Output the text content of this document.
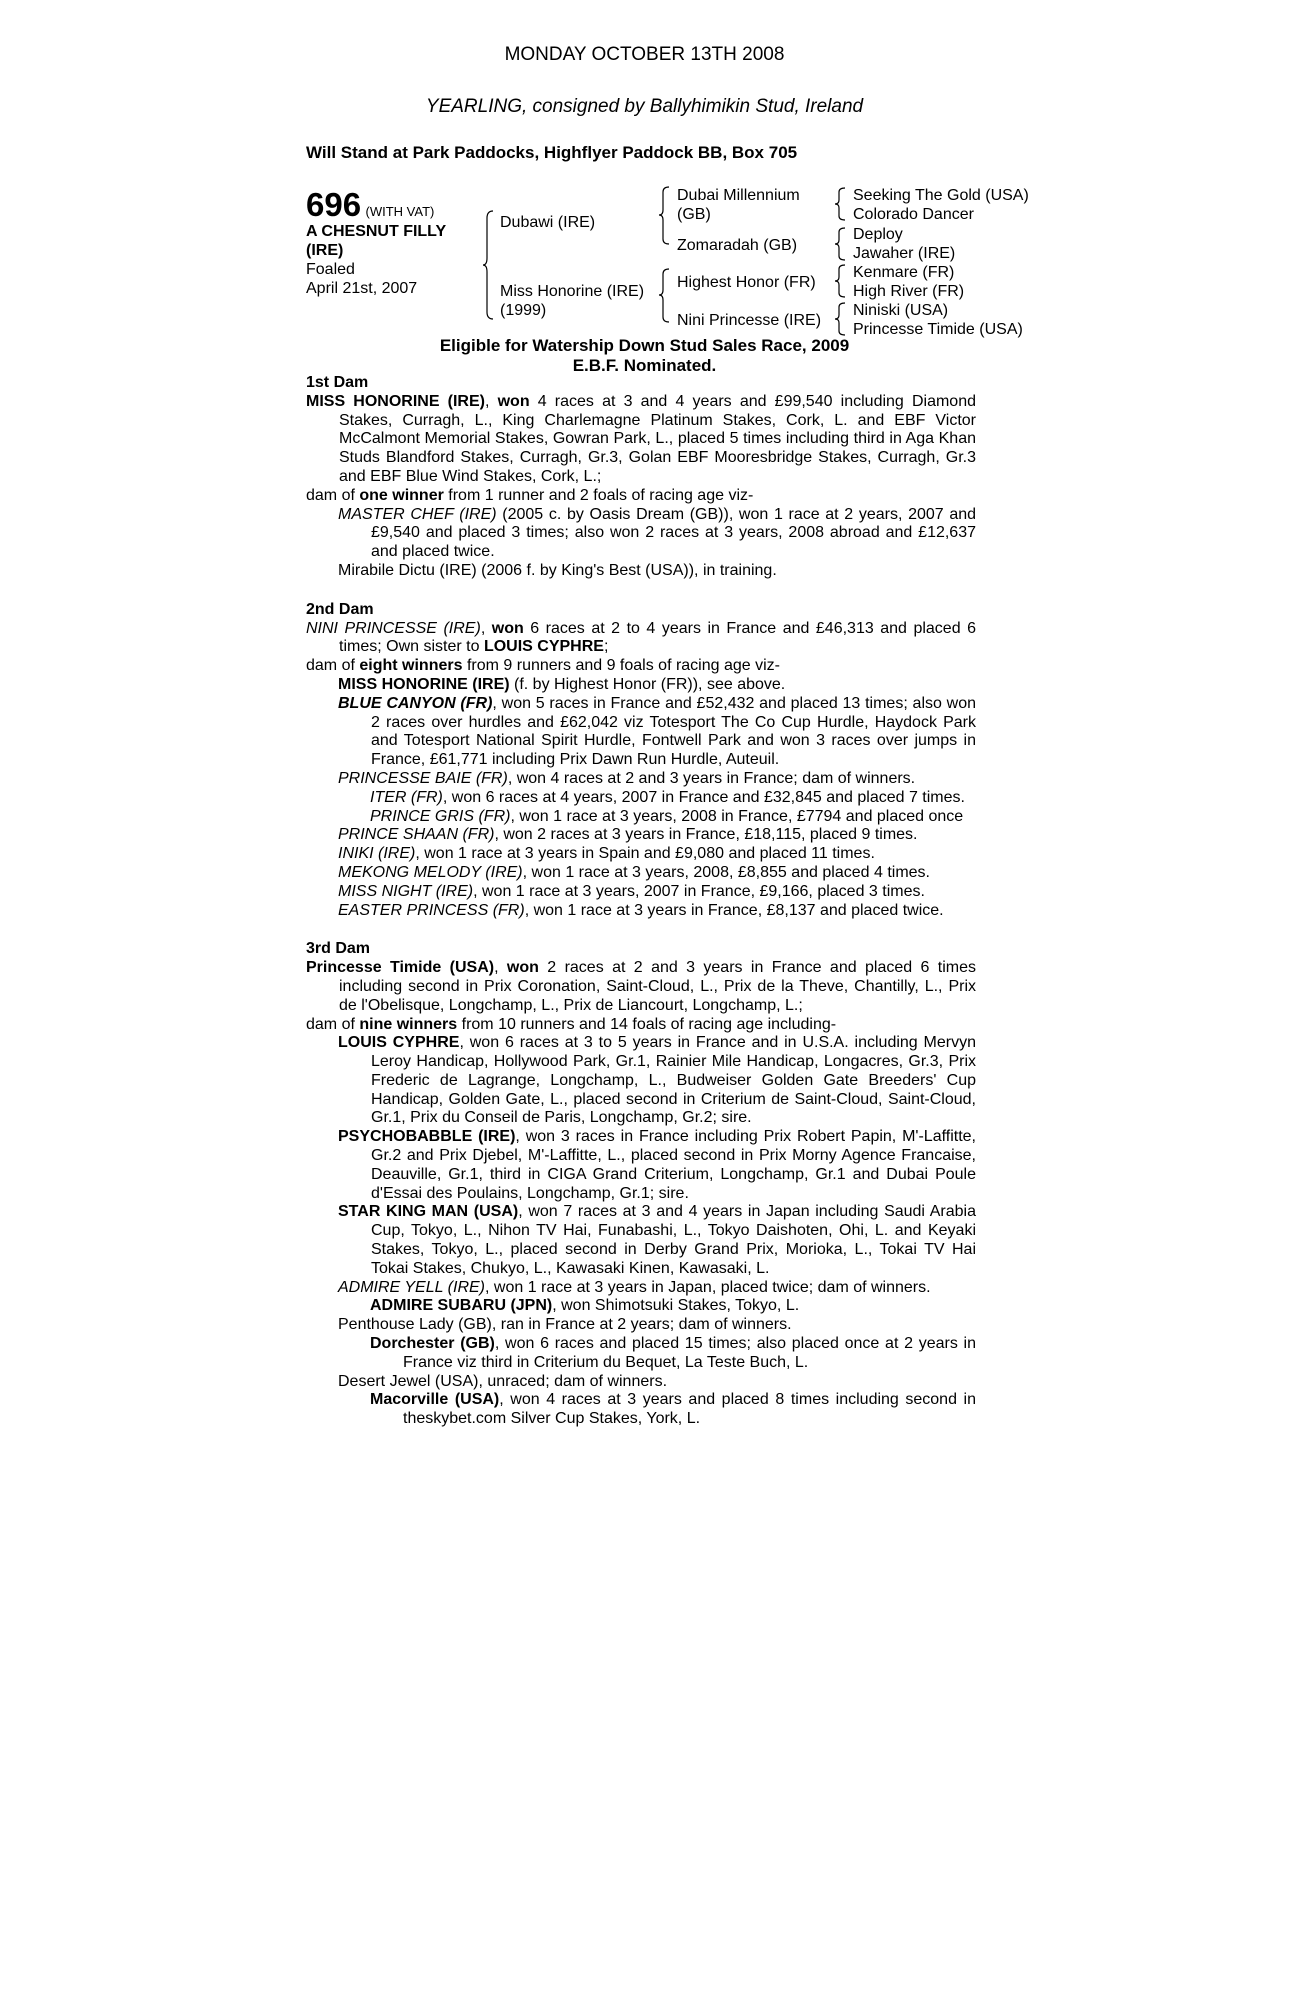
MONDAY OCTOBER 13TH 2008
YEARLING, consigned by Ballyhimikin Stud, Ireland
Will Stand at Park Paddocks, Highflyer Paddock BB, Box 705
696 (WITH VAT)
A CHESNUT FILLY
(IRE)
Foaled
April 21st, 2007
Dubawi (IRE)
Miss Honorine (IRE)
(1999)
Dubai Millennium
(GB)
Zomaradah (GB)
Highest Honor (FR)
Nini Princesse (IRE)
Seeking The Gold (USA)
Colorado Dancer
Deploy
Jawaher (IRE)
Kenmare (FR)
High River (FR)
Niniski (USA)
Princesse Timide (USA)
Eligible for Watership Down Stud Sales Race, 2009
E.B.F. Nominated.

1st Dam

MISS HONORINE (IRE), won 4 races at 3 and 4 years and £99,540 including Diamond Stakes, Curragh, L., King Charlemagne Platinum Stakes, Cork, L. and EBF Victor McCalmont Memorial Stakes, Gowran Park, L., placed 5 times including third in Aga Khan Studs Blandford Stakes, Curragh, Gr.3, Golan EBF Mooresbridge Stakes, Curragh, Gr.3 and EBF Blue Wind Stakes, Cork, L.;

dam of one winner from 1 runner and 2 foals of racing age viz-

MASTER CHEF (IRE) (2005 c. by Oasis Dream (GB)), won 1 race at 2 years, 2007 and £9,540 and placed 3 times; also won 2 races at 3 years, 2008 abroad and £12,637 and placed twice.

Mirabile Dictu (IRE) (2006 f. by King's Best (USA)), in training.

2nd Dam

NINI PRINCESSE (IRE), won 6 races at 2 to 4 years in France and £46,313 and placed 6 times; Own sister to LOUIS CYPHRE;

dam of eight winners from 9 runners and 9 foals of racing age viz-

MISS HONORINE (IRE) (f. by Highest Honor (FR)), see above.

BLUE CANYON (FR), won 5 races in France and £52,432 and placed 13 times; also won 2 races over hurdles and £62,042 viz Totesport The Co Cup Hurdle, Haydock Park and Totesport National Spirit Hurdle, Fontwell Park and won 3 races over jumps in France, £61,771 including Prix Dawn Run Hurdle, Auteuil.

PRINCESSE BAIE (FR), won 4 races at 2 and 3 years in France; dam of winners.

ITER (FR), won 6 races at 4 years, 2007 in France and £32,845 and placed 7 times.

PRINCE GRIS (FR), won 1 race at 3 years, 2008 in France, £7794 and placed once

PRINCE SHAAN (FR), won 2 races at 3 years in France, £18,115, placed 9 times.

INIKI (IRE), won 1 race at 3 years in Spain and £9,080 and placed 11 times.

MEKONG MELODY (IRE), won 1 race at 3 years, 2008, £8,855 and placed 4 times.

MISS NIGHT (IRE), won 1 race at 3 years, 2007 in France, £9,166, placed 3 times.

EASTER PRINCESS (FR), won 1 race at 3 years in France, £8,137 and placed twice.

3rd Dam

Princesse Timide (USA), won 2 races at 2 and 3 years in France and placed 6 times including second in Prix Coronation, Saint-Cloud, L., Prix de la Theve, Chantilly, L., Prix de l'Obelisque, Longchamp, L., Prix de Liancourt, Longchamp, L.;

dam of nine winners from 10 runners and 14 foals of racing age including-

LOUIS CYPHRE, won 6 races at 3 to 5 years in France and in U.S.A. including Mervyn Leroy Handicap, Hollywood Park, Gr.1, Rainier Mile Handicap, Longacres, Gr.3, Prix Frederic de Lagrange, Longchamp, L., Budweiser Golden Gate Breeders' Cup Handicap, Golden Gate, L., placed second in Criterium de Saint-Cloud, Saint-Cloud, Gr.1, Prix du Conseil de Paris, Longchamp, Gr.2; sire.

PSYCHOBABBLE (IRE), won 3 races in France including Prix Robert Papin, M'-Laffitte, Gr.2 and Prix Djebel, M'-Laffitte, L., placed second in Prix Morny Agence Francaise, Deauville, Gr.1, third in CIGA Grand Criterium, Longchamp, Gr.1 and Dubai Poule d'Essai des Poulains, Longchamp, Gr.1; sire.

STAR KING MAN (USA), won 7 races at 3 and 4 years in Japan including Saudi Arabia Cup, Tokyo, L., Nihon TV Hai, Funabashi, L., Tokyo Daishoten, Ohi, L. and Keyaki Stakes, Tokyo, L., placed second in Derby Grand Prix, Morioka, L., Tokai TV Hai Tokai Stakes, Chukyo, L., Kawasaki Kinen, Kawasaki, L.

ADMIRE YELL (IRE), won 1 race at 3 years in Japan, placed twice; dam of winners.

ADMIRE SUBARU (JPN), won Shimotsuki Stakes, Tokyo, L.

Penthouse Lady (GB), ran in France at 2 years; dam of winners.

Dorchester (GB), won 6 races and placed 15 times; also placed once at 2 years in France viz third in Criterium du Bequet, La Teste Buch, L.

Desert Jewel (USA), unraced; dam of winners.

Macorville (USA), won 4 races at 3 years and placed 8 times including second in theskybet.com Silver Cup Stakes, York, L.
